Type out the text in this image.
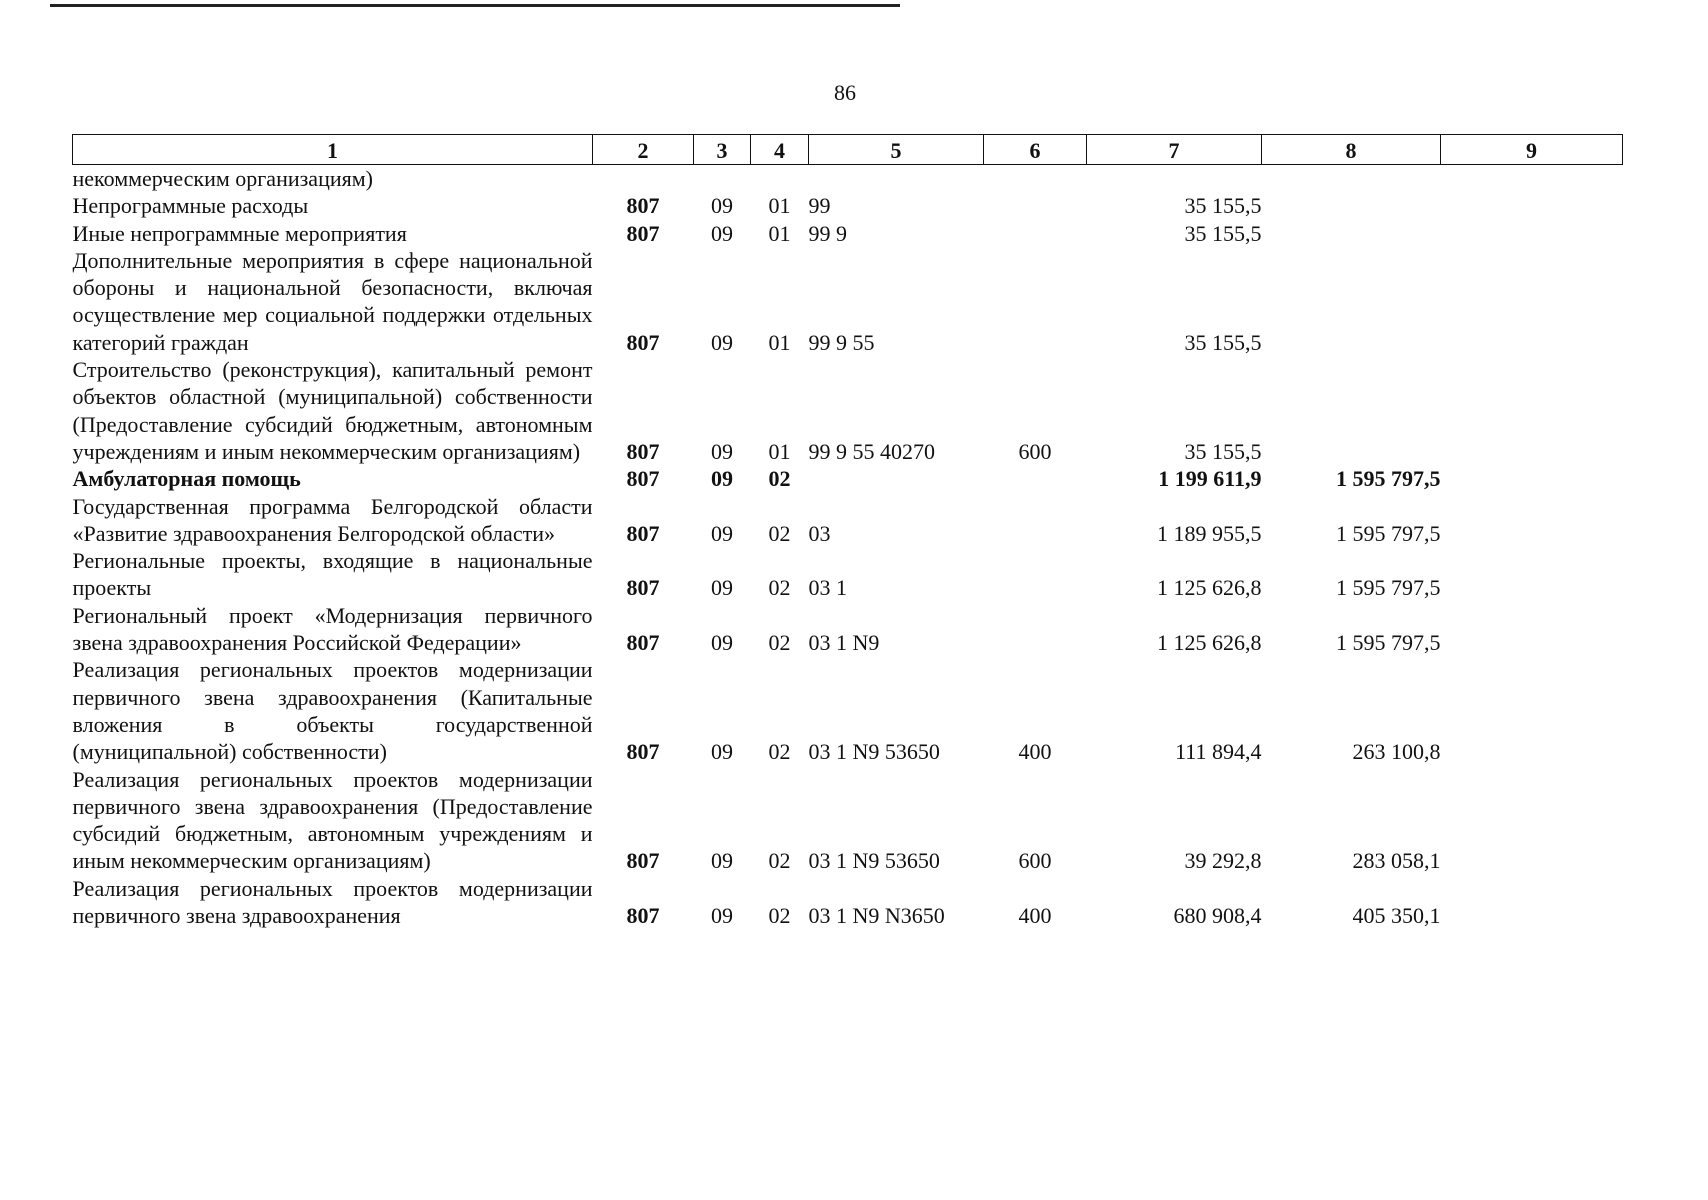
86
1	2	3	4	5	6	7	8	9
некоммерческим организациям)								
Непрограммные расходы	807	09	01	99		35 155,5		
Иные непрограммные мероприятия	807	09	01	99 9		35 155,5		
Дополнительные мероприятия в сфере национальной обороны и национальной безопасности, включая осуществление мер социальной поддержки отдельных категорий граждан	807	09	01	99 9 55		35 155,5		
Строительство (реконструкция), капитальный ремонт объектов областной (муниципальной) собственности (Предоставление субсидий бюджетным, автономным учреждениям и иным некоммерческим организациям)	807	09	01	99 9 55 40270	600	35 155,5		
Амбулаторная помощь	807	09	02			1 199 611,9	1 595 797,5	
Государственная программа Белгородской области «Развитие здравоохранения Белгородской области»	807	09	02	03		1 189 955,5	1 595 797,5	
Региональные проекты, входящие в национальные проекты	807	09	02	03 1		1 125 626,8	1 595 797,5	
Региональный проект «Модернизация первичного звена здравоохранения Российской Федерации»	807	09	02	03 1 N9		1 125 626,8	1 595 797,5	
Реализация региональных проектов модернизации первичного звена здравоохранения (Капитальные вложения в объекты государственной (муниципальной) собственности)	807	09	02	03 1 N9 53650	400	111 894,4	263 100,8	
Реализация региональных проектов модернизации первичного звена здравоохранения (Предоставление субсидий бюджетным, автономным учреждениям и иным некоммерческим организациям)	807	09	02	03 1 N9 53650	600	39 292,8	283 058,1	
Реализация региональных проектов модернизации первичного звена здравоохранения	807	09	02	03 1 N9 N3650	400	680 908,4	405 350,1	
